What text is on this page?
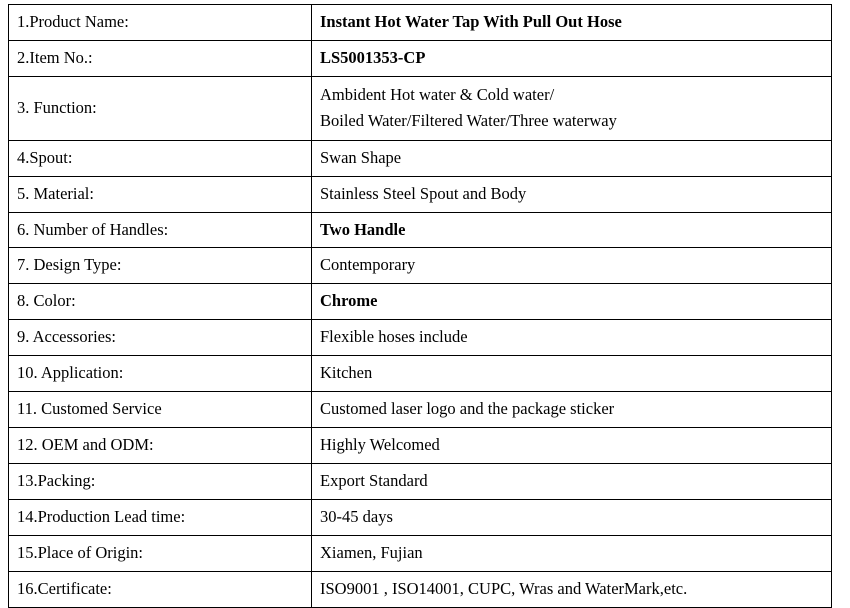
1.Product Name:	Instant Hot Water Tap With Pull Out Hose
2.Item No.:	LS5001353-CP
3. Function:	Ambident Hot water & Cold water/
Boiled Water/Filtered Water/Three waterway

4.Spout:	Swan Shape
5. Material:	Stainless Steel Spout and Body
6. Number of Handles:	Two Handle
7. Design Type:	Contemporary
8. Color:	Chrome
9. Accessories:	Flexible hoses include
10. Application:	Kitchen
11. Customed Service	Customed laser logo and the package sticker
12. OEM and ODM:	Highly Welcomed
13.Packing:	Export Standard
14.Production Lead time:	30-45 days
15.Place of Origin:	Xiamen, Fujian
16.Certificate:	ISO9001 , ISO14001, CUPC, Wras and WaterMark,etc.
